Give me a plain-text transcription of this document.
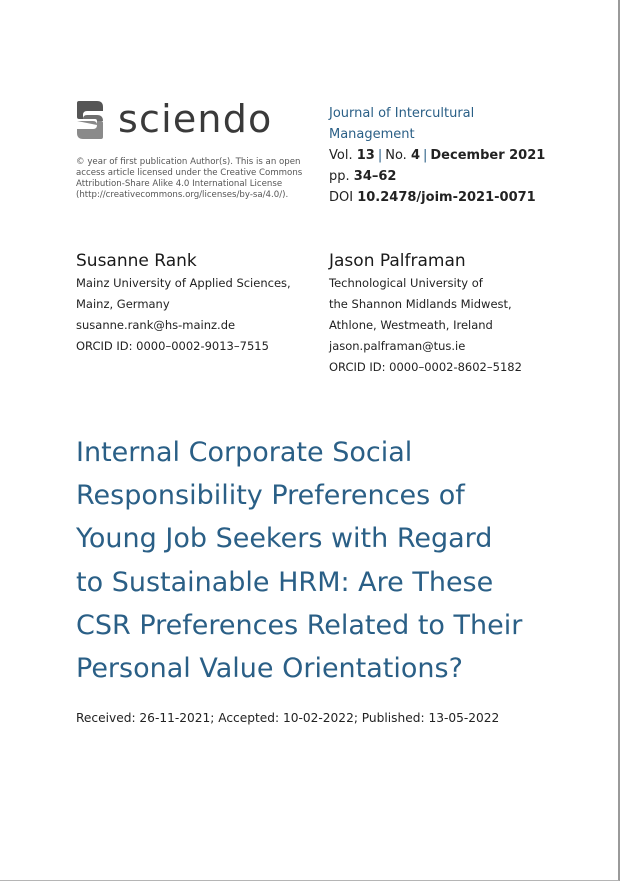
sciendo
© year of first publication Author(s). This is an open access article licensed under the Creative Commons Attribution-Share Alike 4.0 International License (http://creativecommons.org/licenses/by-sa/4.0/).
Journal of Intercultural Management
Vol. 13 | No. 4 | December 2021
pp. 34–62
DOI 10.2478/joim-2021-0071
Susanne Rank
Mainz University of Applied Sciences,
Mainz, Germany
susanne.rank@hs-mainz.de
ORCID ID: 0000–0002-9013–7515
Jason Palframan
Technological University of
the Shannon Midlands Midwest,
Athlone, Westmeath, Ireland
jason.palframan@tus.ie
ORCID ID: 0000–0002-8602–5182
Internal Corporate Social
Responsibility Preferences of
Young Job Seekers with Regard
to Sustainable HRM: Are These
CSR Preferences Related to Their
Personal Value Orientations?
Received: 26-11-2021; Accepted: 10-02-2022; Published: 13-05-2022
